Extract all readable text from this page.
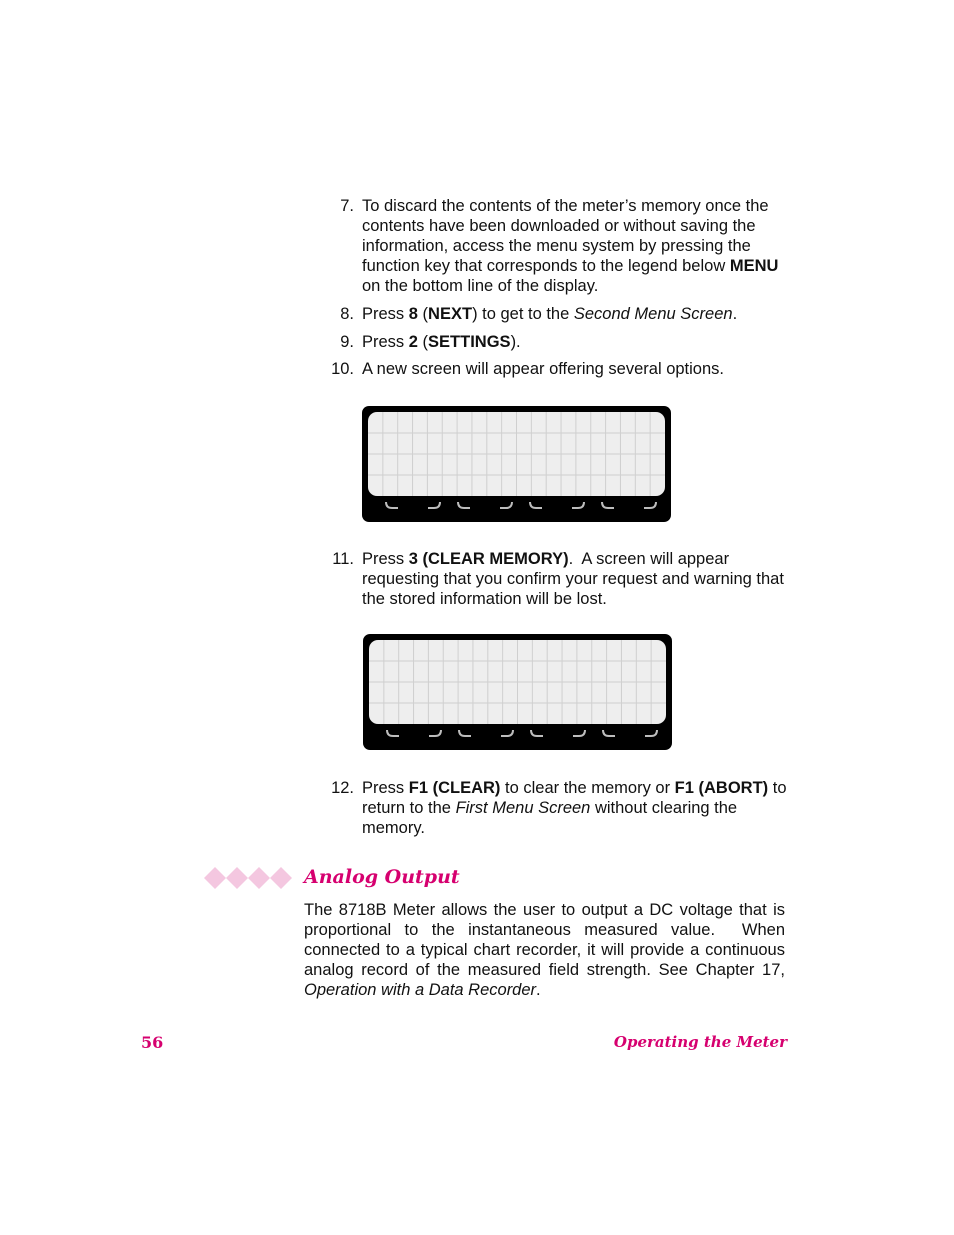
7. To discard the contents of the meter’s memory once the contents have been downloaded or without saving the information, access the menu system by pressing the function key that corresponds to the legend below MENU on the bottom line of the display.
8. Press 8 (NEXT) to get to the Second Menu Screen.
9. Press 2 (SETTINGS).
10. A new screen will appear offering several options.
11. Press 3 (CLEAR MEMORY).  A screen will appear requesting that you confirm your request and warning that the stored information will be lost.
12. Press F1 (CLEAR) to clear the memory or F1 (ABORT) to return to the First Menu Screen without clearing the memory.
Analog Output
The 8718B Meter allows the user to output a DC voltage that is proportional to the instantaneous measured value.  When connected to a typical chart recorder, it will provide a continuous analog record of the measured field strength. See Chapter 17, Operation with a Data Recorder.
56	Operating the Meter
